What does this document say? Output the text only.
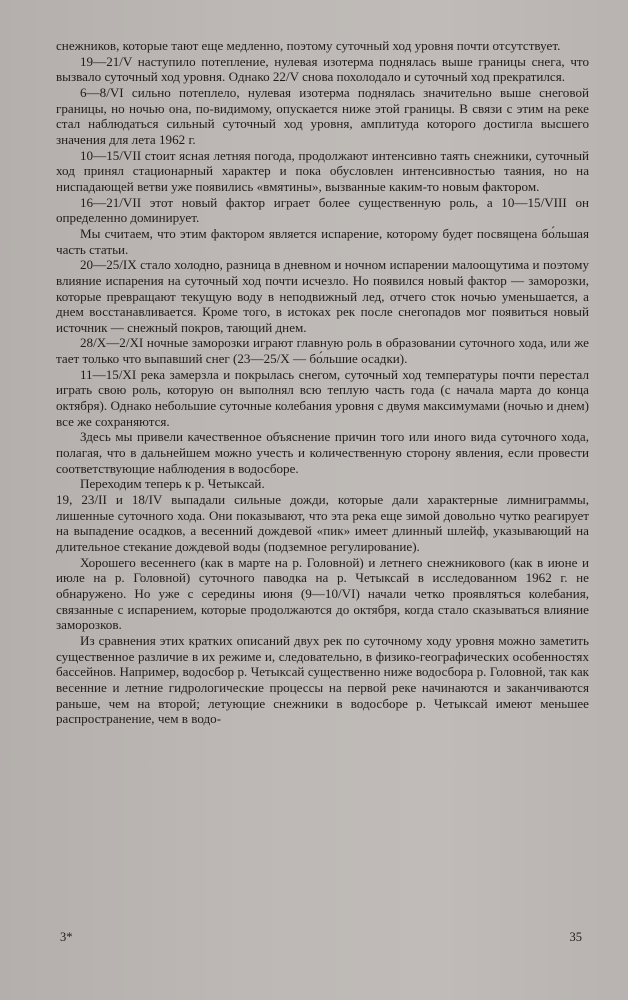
снежников, которые тают еще медленно, поэтому суточный ход уровня почти отсутствует.

19—21/V наступило потепление, нулевая изотерма поднялась выше границы снега, что вызвало суточный ход уровня. Однако 22/V снова похолодало и суточный ход прекратился.

6—8/VI сильно потеплело, нулевая изотерма поднялась значительно выше снеговой границы, но ночью она, по-видимому, опускается ниже этой границы. В связи с этим на реке стал наблюдаться сильный суточный ход уровня, амплитуда которого достигла высшего значения для лета 1962 г.

10—15/VII стоит ясная летняя погода, продолжают интенсивно таять снежники, суточный ход принял стационарный характер и пока обусловлен интенсивностью таяния, но на ниспадающей ветви уже появились «вмятины», вызванные каким-то новым фактором.

16—21/VII этот новый фактор играет более существенную роль, а 10—15/VIII он определенно доминирует.

Мы считаем, что этим фактором является испарение, которому будет посвящена бо́льшая часть статьи.

20—25/IX стало холодно, разница в дневном и ночном испарении малоощутима и поэтому влияние испарения на суточный ход почти исчезло. Но появился новый фактор — заморозки, которые превращают текущую воду в неподвижный лед, отчего сток ночью уменьшается, а днем восстанавливается. Кроме того, в истоках рек после снегопадов мог появиться новый источник — снежный покров, тающий днем.

28/X—2/XI ночные заморозки играют главную роль в образовании суточного хода, или же тает только что выпавший снег (23—25/X — бо́льшие осадки).

11—15/XI река замерзла и покрылась снегом, суточный ход температуры почти перестал играть свою роль, которую он выполнял всю теплую часть года (с начала марта до конца октября). Однако небольшие суточные колебания уровня с двумя максимумами (ночью и днем) все же сохраняются.

Здесь мы привели качественное объяснение причин того или иного вида суточного хода, полагая, что в дальнейшем можно учесть и количественную сторону явления, если провести соответствующие наблюдения в водосборе.

Переходим теперь к р. Четыксай.

19, 23/II и 18/IV выпадали сильные дожди, которые дали характерные лимниграммы, лишенные суточного хода. Они показывают, что эта река еще зимой довольно чутко реагирует на выпадение осадков, а весенний дождевой «пик» имеет длинный шлейф, указывающий на длительное стекание дождевой воды (подземное регулирование).

Хорошего весеннего (как в марте на р. Головной) и летнего снежникового (как в июне и июле на р. Головной) суточного паводка на р. Четыксай в исследованном 1962 г. не обнаружено. Но уже с середины июня (9—10/VI) начали четко проявляться колебания, связанные с испарением, которые продолжаются до октября, когда стало сказываться влияние заморозков.

Из сравнения этих кратких описаний двух рек по суточному ходу уровня можно заметить существенное различие в их режиме и, следовательно, в физико-географических особенностях бассейнов. Например, водосбор р. Четыксай существенно ниже водосбора р. Головной, так как весенние и летние гидрологические процессы на первой реке начинаются и заканчиваются раньше, чем на второй; летующие снежники в водосборе р. Четыксай имеют меньшее распространение, чем в водо-

3*	35
